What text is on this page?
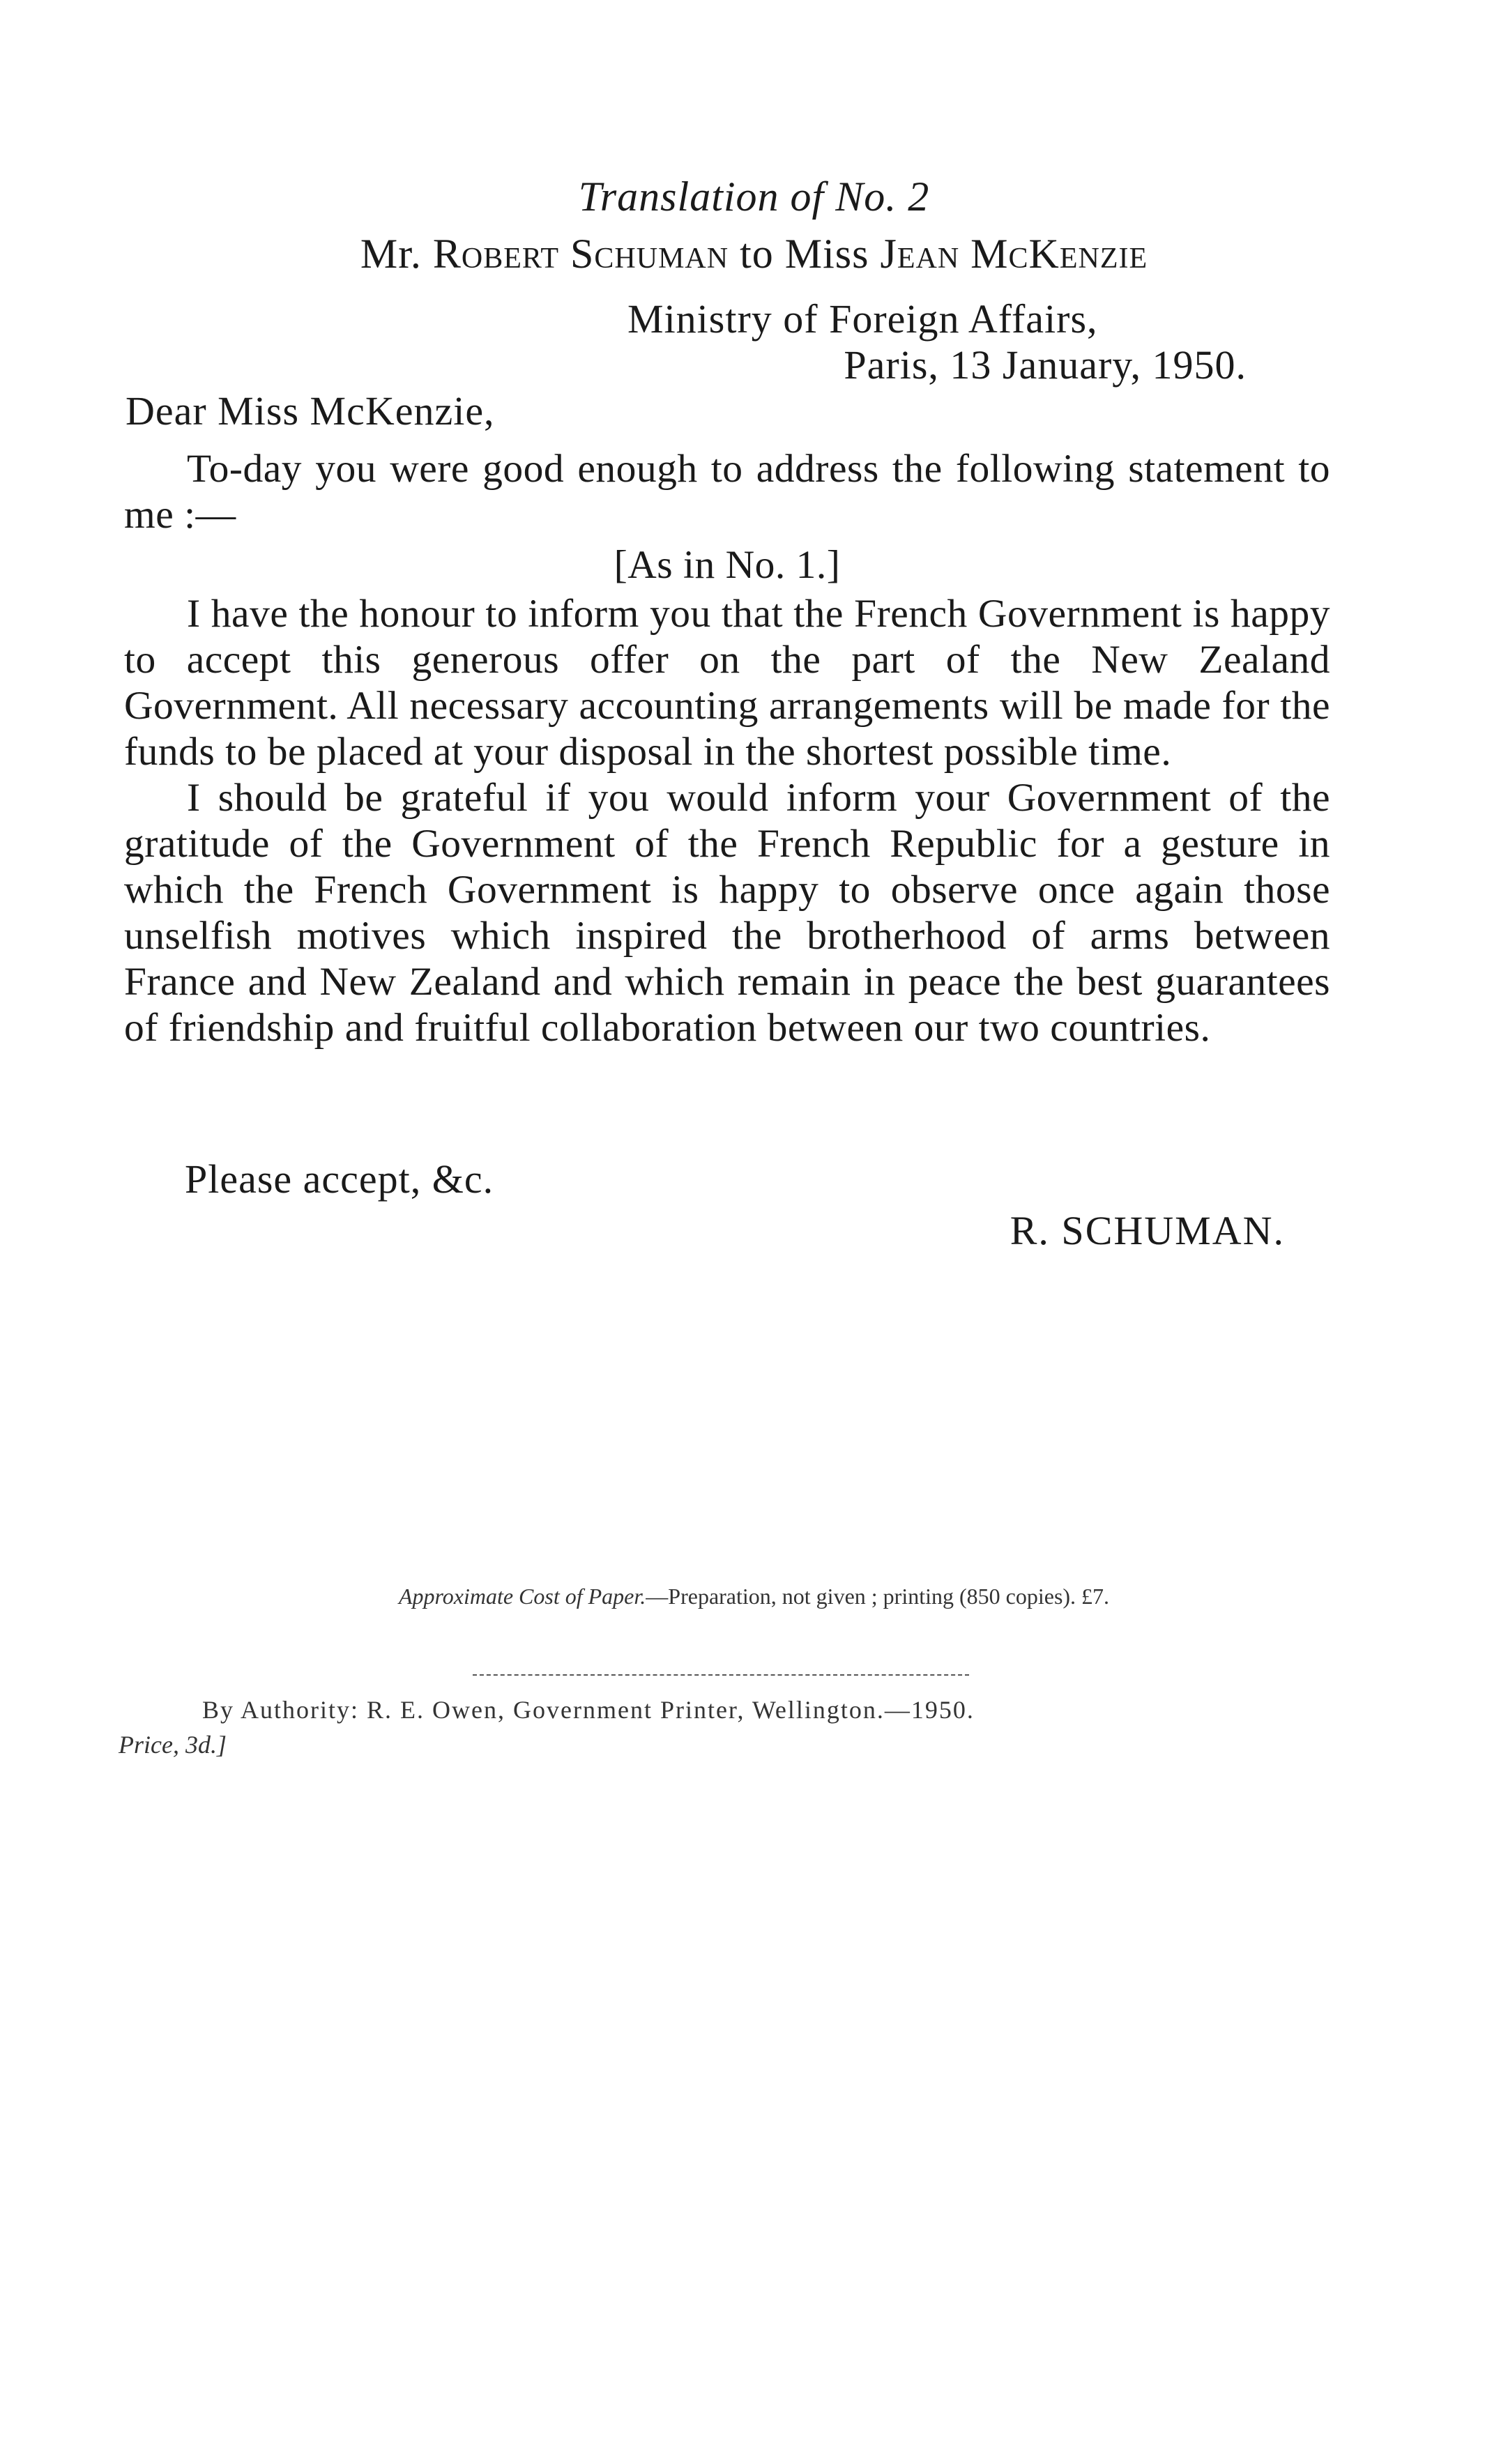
Translation of No. 2
Mr. Robert Schuman to Miss Jean McKenzie
Ministry of Foreign Affairs,
Paris, 13 January, 1950.
Dear Miss McKenzie,

To-day you were good enough to address the following statement to me :—

[As in No. 1.]

I have the honour to inform you that the French Government is happy to accept this generous offer on the part of the New Zealand Government. All necessary accounting arrangements will be made for the funds to be placed at your disposal in the shortest possible time.

I should be grateful if you would inform your Government of the gratitude of the Government of the French Republic for a gesture in which the French Government is happy to observe once again those unselfish motives which inspired the brotherhood of arms between France and New Zealand and which remain in peace the best guarantees of friendship and fruitful collaboration between our two countries.

Please accept, &c.
R. SCHUMAN.
Approximate Cost of Paper.—Preparation, not given ; printing (850 copies). £7.
By Authority: R. E. Owen, Government Printer, Wellington.—1950.
Price, 3d.]
